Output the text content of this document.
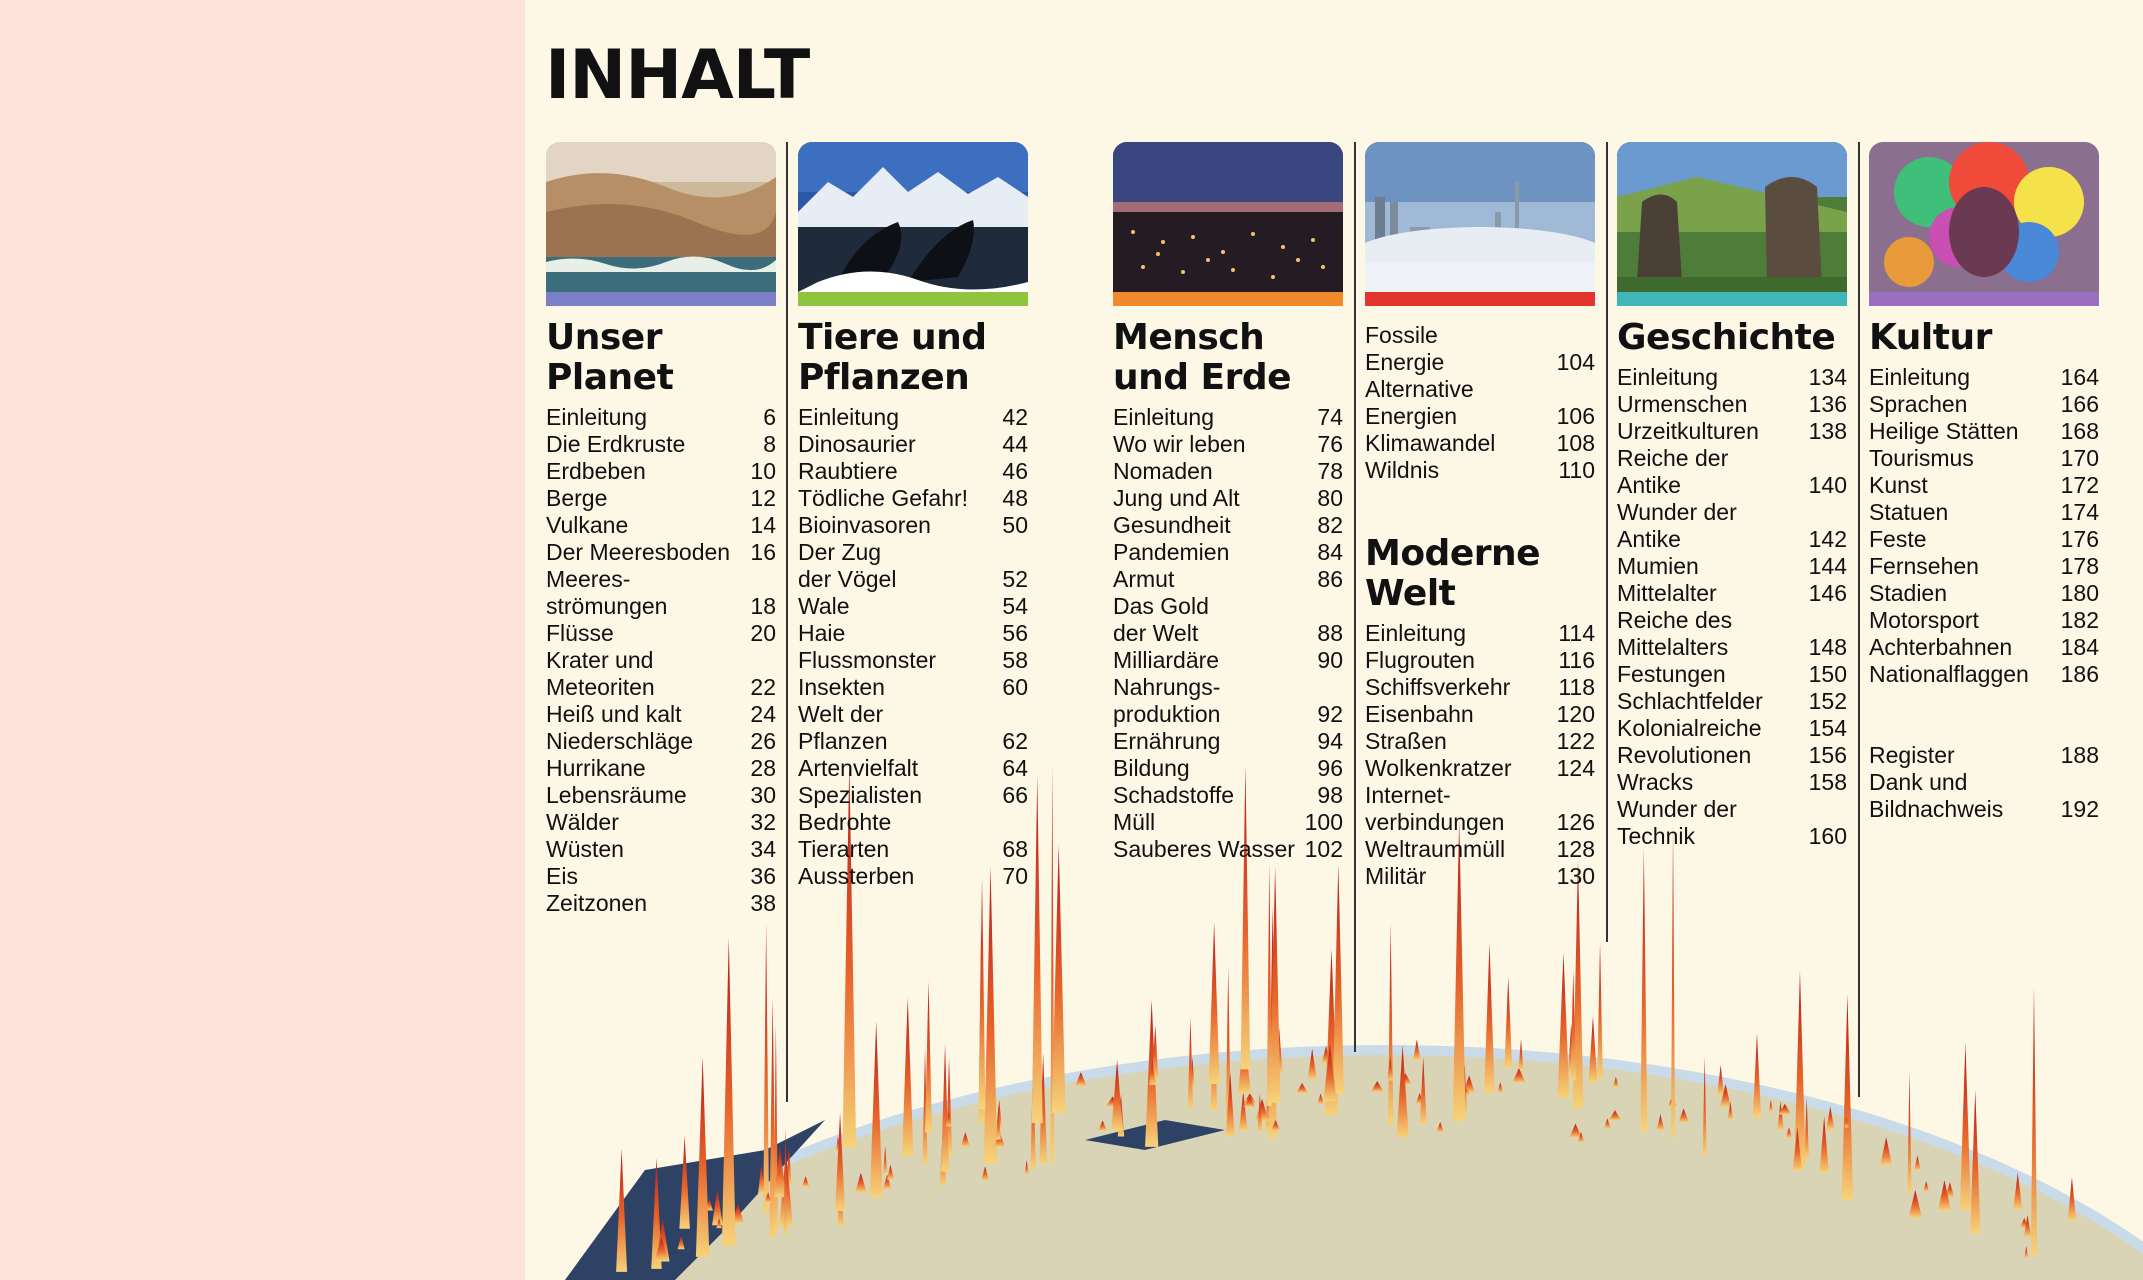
INHALT
Unser
Planet
Einleitung	6
Die Erdkruste	8
Erdbeben	10
Berge	12
Vulkane	14
Der Meeresboden 16
Meeres-
strömungen	18
Flüsse	20
Krater und
Meteoriten	22
Heiß und kalt	24
Niederschläge 26
Hurrikane	28
Lebensräume	30
Wälder	32
Wüsten	34
Eis	36
Zeitzonen	38
Tiere und
Pflanzen
Einleitung	42
Dinosaurier	44
Raubtiere	46
Tödliche Gefahr! 48
Bioinvasoren	50
Der Zug
der Vögel	52
Wale	54
Haie	56
Flussmonster	58
Insekten	60
Welt der
Pflanzen	62
Artenvielfalt	64
Spezialisten	66
Bedrohte
Tierarten	68
Aussterben	70
Mensch
und Erde
Einleitung	74
Wo wir leben	76
Nomaden	78
Jung und Alt	80
Gesundheit	82
Pandemien	84
Armut	86
Das Gold
der Welt	88
Milliardäre	90
Nahrungs-
produktion	92
Ernährung	94
Bildung	96
Schadstoffe	98
Müll	100
Sauberes Wasser 102
Fossile
Energie	104
Alternative
Energien	106
Klimawandel	108
Wildnis	110
Moderne
Welt
Einleitung	114
Flugrouten	116
Schiffsverkehr 118
Eisenbahn	120
Straßen	122
Wolkenkratzer 124
Internet-
verbindungen 126
Weltraummüll 128
Militär	130
Geschichte
Einleitung	134
Urmenschen	136
Urzeitkulturen 138
Reiche der
Antike	140
Wunder der
Antike	142
Mumien	144
Mittelalter	146
Reiche des
Mittelalters	148
Festungen	150
Schlachtfelder 152
Kolonialreiche 154
Revolutionen 156
Wracks	158
Wunder der
Technik	160
Kultur
Einleitung	164
Sprachen	166
Heilige Stätten 168
Tourismus	170
Kunst	172
Statuen	174
Feste	176
Fernsehen	178
Stadien	180
Motorsport	182
Achterbahnen 184
Nationalflaggen 186
Register	188
Dank und
Bildnachweis 192
